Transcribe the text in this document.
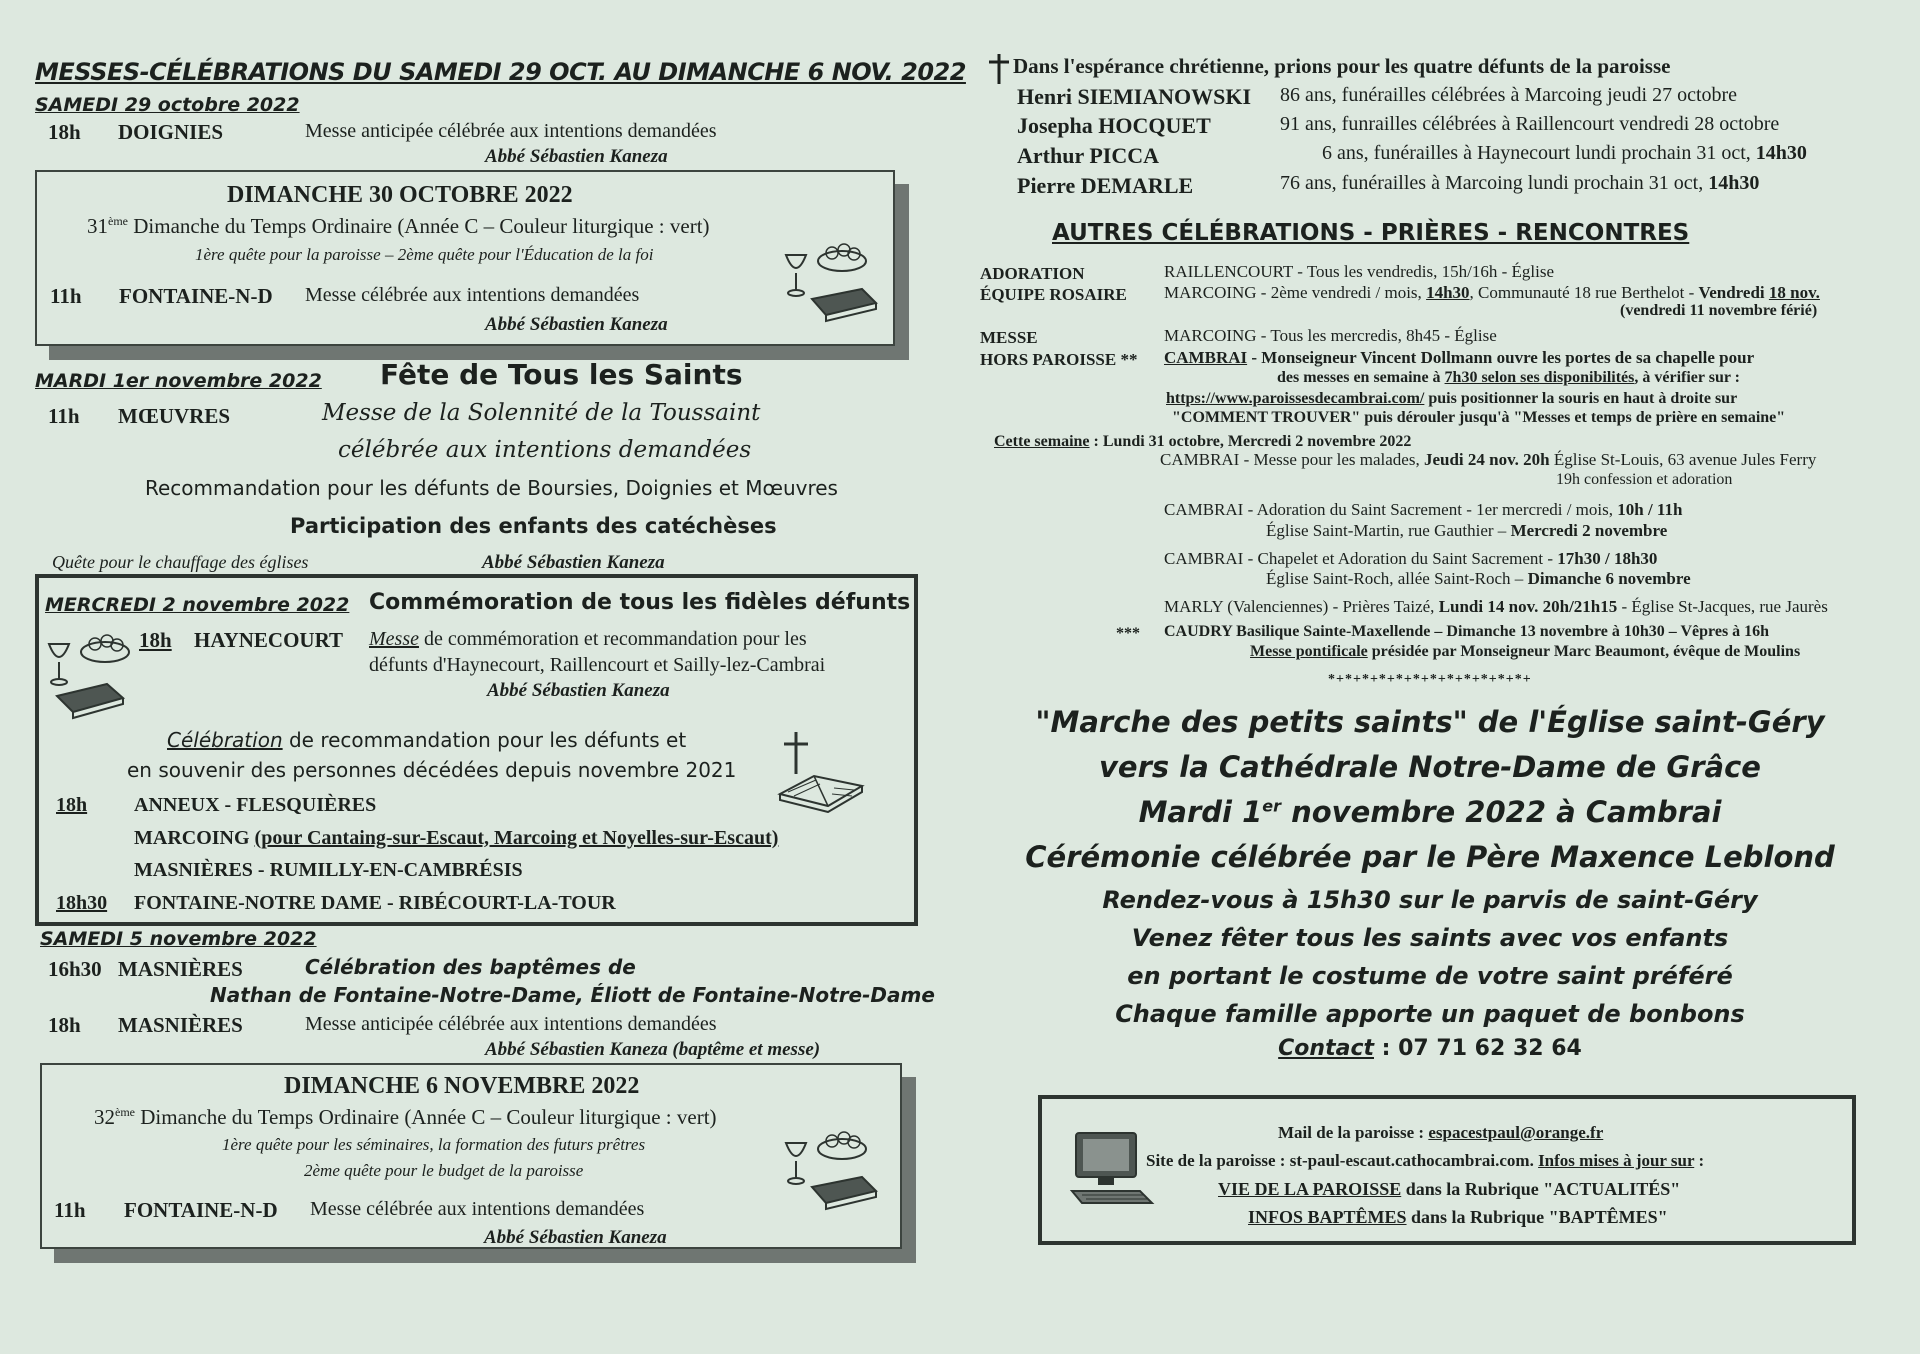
MESSES-CÉLÉBRATIONS DU SAMEDI 29 OCT. AU DIMANCHE 6 NOV. 2022
SAMEDI 29 octobre 2022
18h DOIGNIES	Messe anticipée célébrée aux intentions demandées
Abbé Sébastien Kaneza
DIMANCHE 30 OCTOBRE 2022
31ème Dimanche du Temps Ordinaire (Année C – Couleur liturgique : vert)
1ère quête pour la paroisse – 2ème quête pour l'Éducation de la foi
11h FONTAINE-N-D Messe célébrée aux intentions demandées
Abbé Sébastien Kaneza
MARDI 1er novembre 2022 Fête de Tous les Saints
11h MŒUVRES	Messe de la Solennité de la Toussaint
célébrée aux intentions demandées
Recommandation pour les défunts de Boursies, Doignies et Mœuvres
Participation des enfants des catéchèses
Quête pour le chauffage des églises	Abbé Sébastien Kaneza
MERCREDI 2 novembre 2022 Commémoration de tous les fidèles défunts
18h HAYNECOURT Messe de commémoration et recommandation pour les
défunts d'Haynecourt, Raillencourt et Sailly-lez-Cambrai
Abbé Sébastien Kaneza
Célébration de recommandation pour les défunts et
en souvenir des personnes décédées depuis novembre 2021
18h ANNEUX - FLESQUIÈRES
MARCOING (pour Cantaing-sur-Escaut, Marcoing et Noyelles-sur-Escaut)
MASNIÈRES - RUMILLY-EN-CAMBRÉSIS
18h30 FONTAINE-NOTRE DAME - RIBÉCOURT-LA-TOUR
SAMEDI 5 novembre 2022
16h30 MASNIÈRES	Célébration des baptêmes de
Nathan de Fontaine-Notre-Dame, Éliott de Fontaine-Notre-Dame
18h MASNIÈRES	Messe anticipée célébrée aux intentions demandées
Abbé Sébastien Kaneza (baptême et messe)
DIMANCHE 6 NOVEMBRE 2022
32ème Dimanche du Temps Ordinaire (Année C – Couleur liturgique : vert)
1ère quête pour les séminaires, la formation des futurs prêtres
2ème quête pour le budget de la paroisse
11h FONTAINE-N-D Messe célébrée aux intentions demandées
Abbé Sébastien Kaneza
Dans l'espérance chrétienne, prions pour les quatre défunts de la paroisse
Henri SIEMIANOWSKI 86 ans, funérailles célébrées à Marcoing jeudi 27 octobre
Josepha HOCQUET	91 ans, funrailles célébrées à Raillencourt vendredi 28 octobre
Arthur PICCA	6 ans, funérailles à Haynecourt lundi prochain 31 oct, 14h30
Pierre DEMARLE	76 ans, funérailles à Marcoing lundi prochain 31 oct, 14h30
AUTRES CÉLÉBRATIONS - PRIÈRES - RENCONTRES
ADORATION	RAILLENCOURT - Tous les vendredis, 15h/16h - Église
ÉQUIPE ROSAIRE MARCOING - 2ème vendredi / mois, 14h30, Communauté 18 rue Berthelot - Vendredi 18 nov.
(vendredi 11 novembre férié)
MESSE	MARCOING - Tous les mercredis, 8h45 - Église
HORS PAROISSE ** CAMBRAI - Monseigneur Vincent Dollmann ouvre les portes de sa chapelle pour
des messes en semaine à 7h30 selon ses disponibilités, à vérifier sur :
https://www.paroissesdecambrai.com/ puis positionner la souris en haut à droite sur
"COMMENT TROUVER" puis dérouler jusqu'à "Messes et temps de prière en semaine"
Cette semaine : Lundi 31 octobre, Mercredi 2 novembre 2022
CAMBRAI - Messe pour les malades, Jeudi 24 nov. 20h Église St-Louis, 63 avenue Jules Ferry
19h confession et adoration
CAMBRAI - Adoration du Saint Sacrement - 1er mercredi / mois, 10h / 11h
Église Saint-Martin, rue Gauthier – Mercredi 2 novembre
CAMBRAI - Chapelet et Adoration du Saint Sacrement - 17h30 / 18h30
Église Saint-Roch, allée Saint-Roch – Dimanche 6 novembre
MARLY (Valenciennes) - Prières Taizé, Lundi 14 nov. 20h/21h15 - Église St-Jacques, rue Jaurès
*** CAUDRY Basilique Sainte-Maxellende – Dimanche 13 novembre à 10h30 – Vêpres à 16h
Messe pontificale présidée par Monseigneur Marc Beaumont, évêque de Moulins
*+*+*+*+*+*+*+*+*+*+*+*+
"Marche des petits saints" de l'Église saint-Géry
vers la Cathédrale Notre-Dame de Grâce
Mardi 1er novembre 2022 à Cambrai
Cérémonie célébrée par le Père Maxence Leblond
Rendez-vous à 15h30 sur le parvis de saint-Géry
Venez fêter tous les saints avec vos enfants
en portant le costume de votre saint préféré
Chaque famille apporte un paquet de bonbons
Contact : 07 71 62 32 64
Mail de la paroisse : espacestpaul@orange.fr
Site de la paroisse : st-paul-escaut.cathocambrai.com. Infos mises à jour sur :
VIE DE LA PAROISSE dans la Rubrique "ACTUALITÉS"
INFOS BAPTÊMES dans la Rubrique "BAPTÊMES"
